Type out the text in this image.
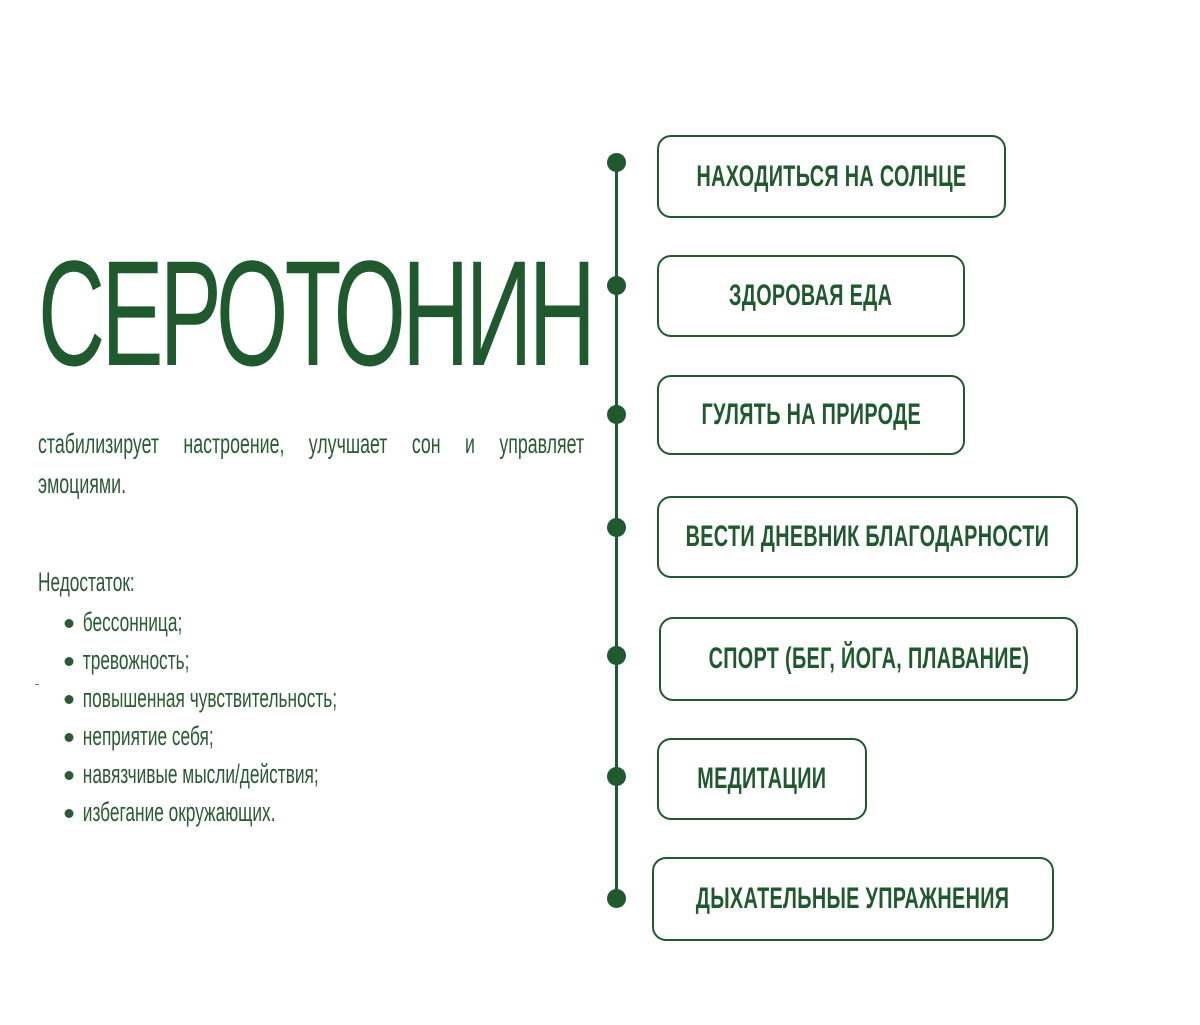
СЕРОТОНИН
стабилизирует настроение, улучшает сон и управляет эмоциями.
Недостаток:
бессонница;
тревожность;
повышенная чувствительность;
неприятие себя;
навязчивые мысли/действия;
избегание окружающих.
НАХОДИТЬСЯ НА СОЛНЦЕ
ЗДОРОВАЯ ЕДА
ГУЛЯТЬ НА ПРИРОДЕ
ВЕСТИ ДНЕВНИК БЛАГОДАРНОСТИ
СПОРТ (БЕГ, ЙОГА, ПЛАВАНИЕ)
МЕДИТАЦИИ
ДЫХАТЕЛЬНЫЕ УПРАЖНЕНИЯ
